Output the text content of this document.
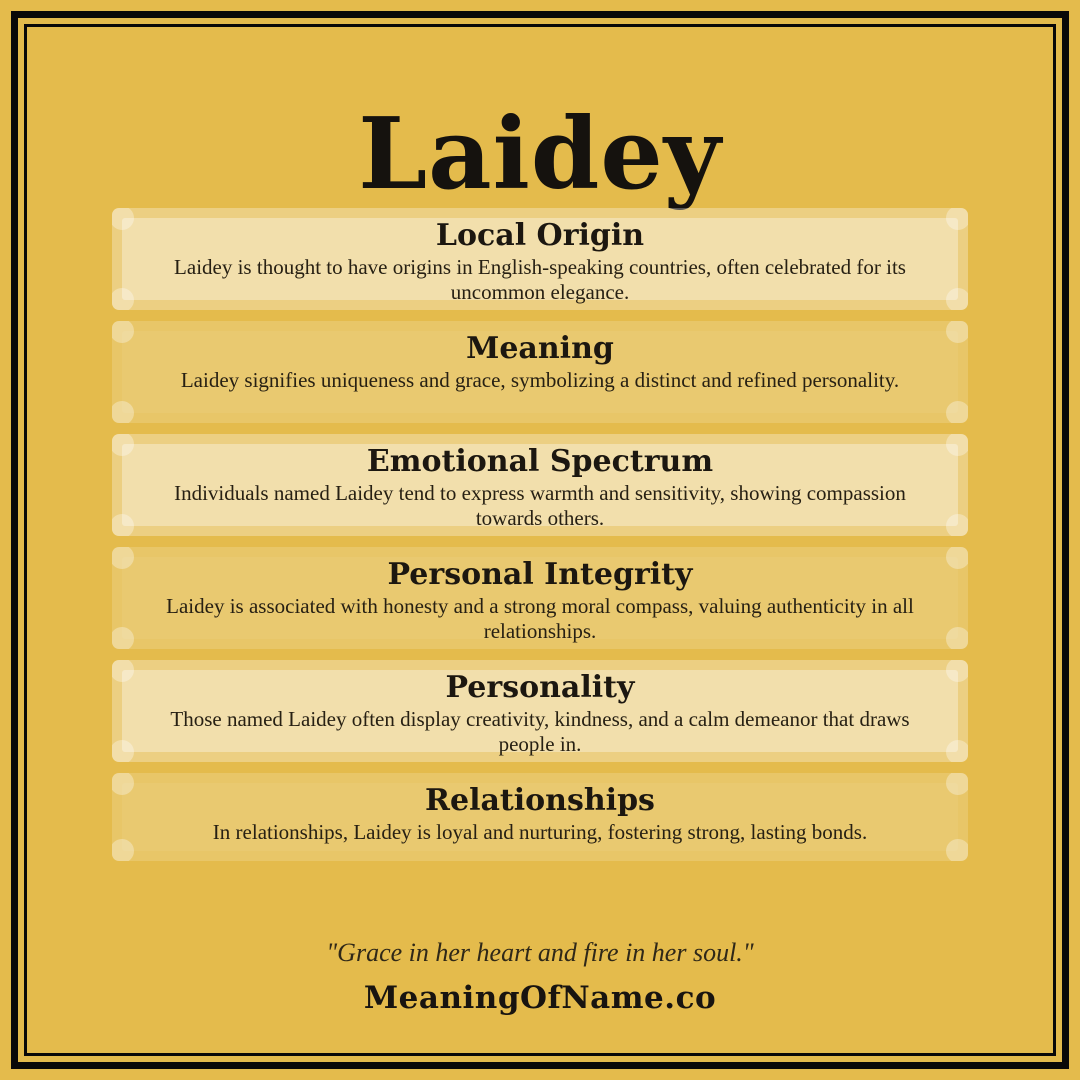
Laidey
Local Origin

Laidey is thought to have origins in English-speaking countries, often celebrated for its uncommon elegance.

Meaning

Laidey signifies uniqueness and grace, symbolizing a distinct and refined personality.

Emotional Spectrum

Individuals named Laidey tend to express warmth and sensitivity, showing compassion towards others.

Personal Integrity

Laidey is associated with honesty and a strong moral compass, valuing authenticity in all relationships.

Personality

Those named Laidey often display creativity, kindness, and a calm demeanor that draws people in.

Relationships

In relationships, Laidey is loyal and nurturing, fostering strong, lasting bonds.

"Grace in her heart and fire in her soul."
MeaningOfName.co
